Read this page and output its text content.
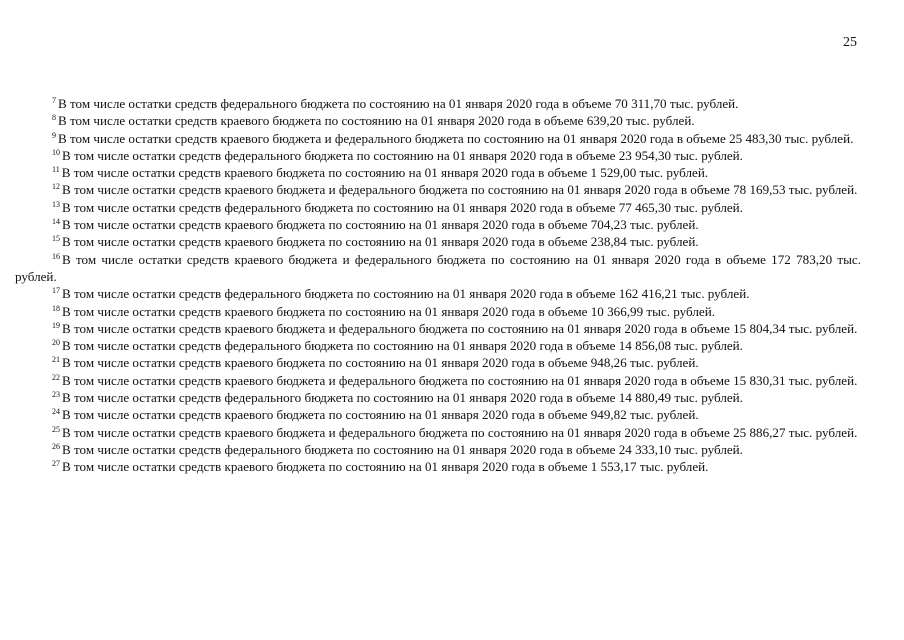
25

$^7$ В том числе остатки средств федерального бюджета по состоянию на 01 января 2020 года в объеме 70 311,70 тыс. рублей.

$^8$ В том числе остатки средств краевого бюджета по состоянию на 01 января 2020 года в объеме 639,20 тыс. рублей.

$^9$ В том числе остатки средств краевого бюджета и федерального бюджета по состоянию на 01 января 2020 года в объеме 25 483,30 тыс. рублей.

$^{10}$ В том числе остатки средств федерального бюджета по состоянию на 01 января 2020 года в объеме 23 954,30 тыс. рублей.

$^{11}$ В том числе остатки средств краевого бюджета по состоянию на 01 января 2020 года в объеме 1 529,00 тыс. рублей.

$^{12}$ В том числе остатки средств краевого бюджета и федерального бюджета по состоянию на 01 января 2020 года в объеме 78 169,53 тыс. рублей.

$^{13}$ В том числе остатки средств федерального бюджета по состоянию на 01 января 2020 года в объеме 77 465,30 тыс. рублей.

$^{14}$ В том числе остатки средств краевого бюджета по состоянию на 01 января 2020 года в объеме 704,23 тыс. рублей.

$^{15}$ В том числе остатки средств краевого бюджета по состоянию на 01 января 2020 года в объеме 238,84 тыс. рублей.

$^{16}$ В том числе остатки средств краевого бюджета и федерального бюджета по состоянию на 01 января 2020 года в объеме 172 783,20 тыс. рублей.

$^{17}$ В том числе остатки средств федерального бюджета по состоянию на 01 января 2020 года в объеме 162 416,21 тыс. рублей.

$^{18}$ В том числе остатки средств краевого бюджета по состоянию на 01 января 2020 года в объеме 10 366,99 тыс. рублей.

$^{19}$ В том числе остатки средств краевого бюджета и федерального бюджета по состоянию на 01 января 2020 года в объеме 15 804,34 тыс. рублей.

$^{20}$ В том числе остатки средств федерального бюджета по состоянию на 01 января 2020 года в объеме 14 856,08 тыс. рублей.

$^{21}$ В том числе остатки средств краевого бюджета по состоянию на 01 января 2020 года в объеме 948,26 тыс. рублей.

$^{22}$ В том числе остатки средств краевого бюджета и федерального бюджета по состоянию на 01 января 2020 года в объеме 15 830,31 тыс. рублей.

$^{23}$ В том числе остатки средств федерального бюджета по состоянию на 01 января 2020 года в объеме 14 880,49 тыс. рублей.

$^{24}$ В том числе остатки средств краевого бюджета по состоянию на 01 января 2020 года в объеме 949,82 тыс. рублей.

$^{25}$ В том числе остатки средств краевого бюджета и федерального бюджета по состоянию на 01 января 2020 года в объеме 25 886,27 тыс. рублей.

$^{26}$ В том числе остатки средств федерального бюджета по состоянию на 01 января 2020 года в объеме 24 333,10 тыс. рублей.

$^{27}$ В том числе остатки средств краевого бюджета по состоянию на 01 января 2020 года в объеме 1 553,17 тыс. рублей.
